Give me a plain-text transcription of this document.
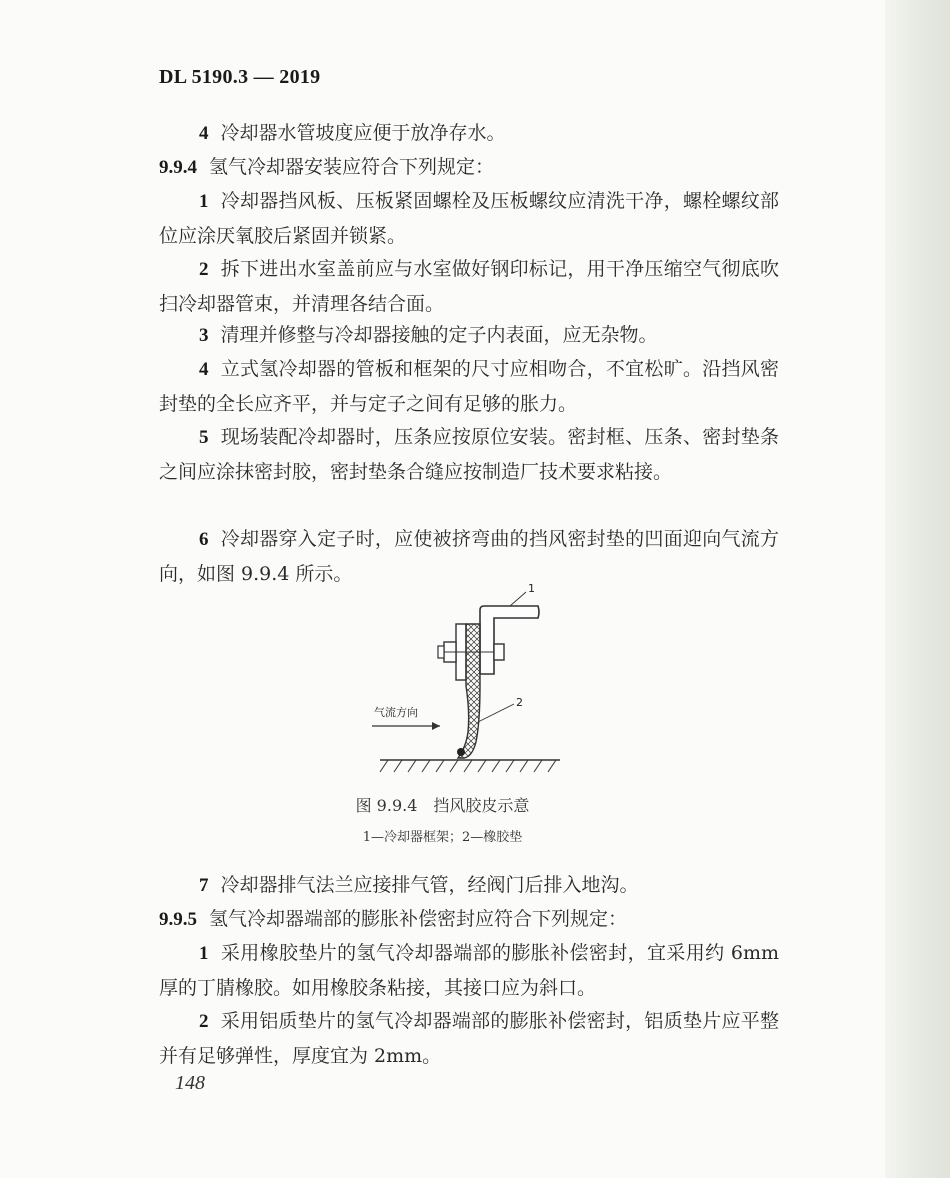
DL 5190.3 — 2019
4 冷却器水管坡度应便于放净存水。
9.9.4 氢气冷却器安装应符合下列规定：
1 冷却器挡风板、压板紧固螺栓及压板螺纹应清洗干净，螺栓螺纹部位应涂厌氧胶后紧固并锁紧。
2 拆下进出水室盖前应与水室做好钢印标记，用干净压缩空气彻底吹扫冷却器管束，并清理各结合面。
3 清理并修整与冷却器接触的定子内表面，应无杂物。
4 立式氢冷却器的管板和框架的尺寸应相吻合，不宜松旷。沿挡风密封垫的全长应齐平，并与定子之间有足够的胀力。
5 现场装配冷却器时，压条应按原位安装。密封框、压条、密封垫条之间应涂抹密封胶，密封垫条合缝应按制造厂技术要求粘接。
6 冷却器穿入定子时，应使被挤弯曲的挡风密封垫的凹面迎向气流方向，如图 9.9.4 所示。
气流方向
1
2
图 9.9.4　挡风胶皮示意
1—冷却器框架；2—橡胶垫
7 冷却器排气法兰应接排气管，经阀门后排入地沟。
9.9.5 氢气冷却器端部的膨胀补偿密封应符合下列规定：
1 采用橡胶垫片的氢气冷却器端部的膨胀补偿密封，宜采用约 6mm 厚的丁腈橡胶。如用橡胶条粘接，其接口应为斜口。
2 采用铝质垫片的氢气冷却器端部的膨胀补偿密封，铝质垫片应平整并有足够弹性，厚度宜为 2mm。
148
